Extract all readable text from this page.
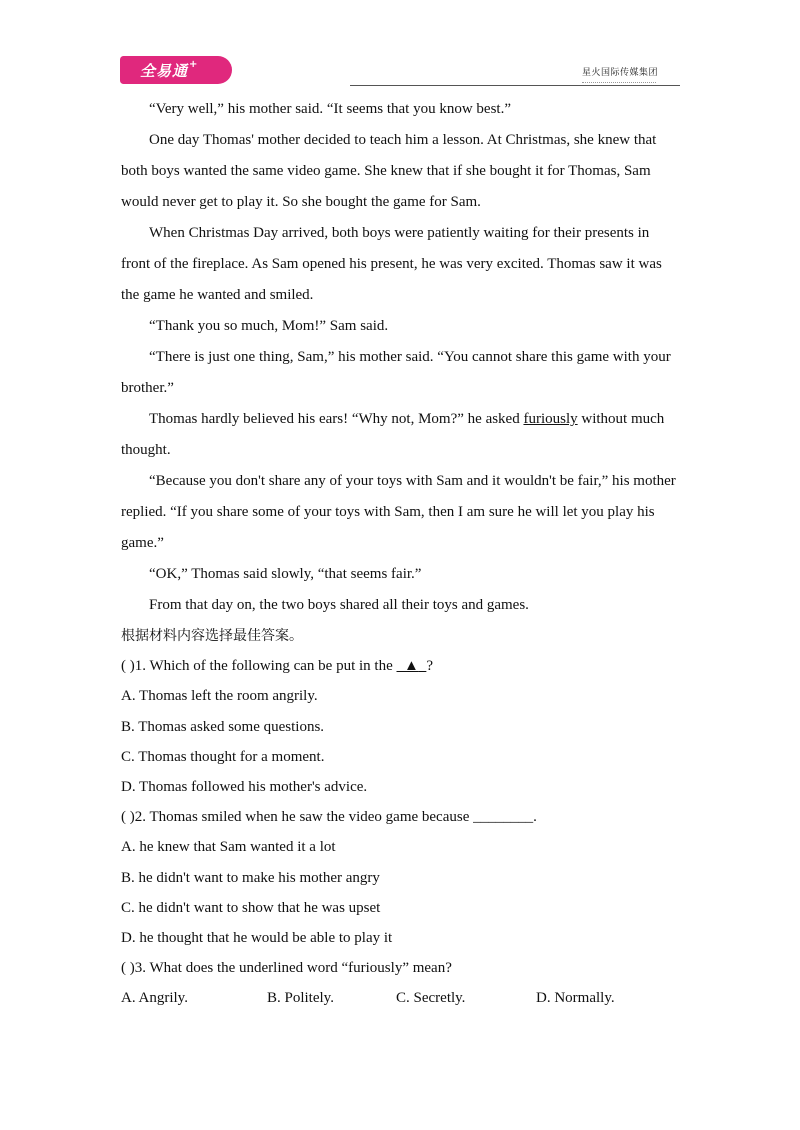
全易通 +
星火国际传媒集团

“Very well,” his mother said. “It seems that you know best.”

One day Thomas' mother decided to teach him a lesson. At Christmas, she knew that both boys wanted the same video game. She knew that if she bought it for Thomas, Sam would never get to play it. So she bought the game for Sam.

When Christmas Day arrived, both boys were patiently waiting for their presents in front of the fireplace. As Sam opened his present, he was very excited. Thomas saw it was the game he wanted and smiled.

“Thank you so much, Mom!” Sam said.

“There is just one thing, Sam,” his mother said. “You cannot share this game with your brother.”

Thomas hardly believed his ears! “Why not, Mom?” he asked furiously without much thought.

“Because you don't share any of your toys with Sam and it wouldn't be fair,” his mother replied. “If you share some of your toys with Sam, then I am sure he will let you play his game.”

“OK,” Thomas said slowly, “that seems fair.”

From that day on, the two boys shared all their toys and games.

根据材料内容选择最佳答案。

( )1. Which of the following can be put in the   ▲ ?

A. Thomas left the room angrily.

B. Thomas asked some questions.

C. Thomas thought for a moment.

D. Thomas followed his mother's advice.

( )2. Thomas smiled when he saw the video game because ________.

A. he knew that Sam wanted it a lot

B. he didn't want to make his mother angry

C. he didn't want to show that he was upset

D. he thought that he would be able to play it

( )3. What does the underlined word “furiously” mean?

A. Angrily.	B. Politely.	C. Secretly.	D. Normally.
